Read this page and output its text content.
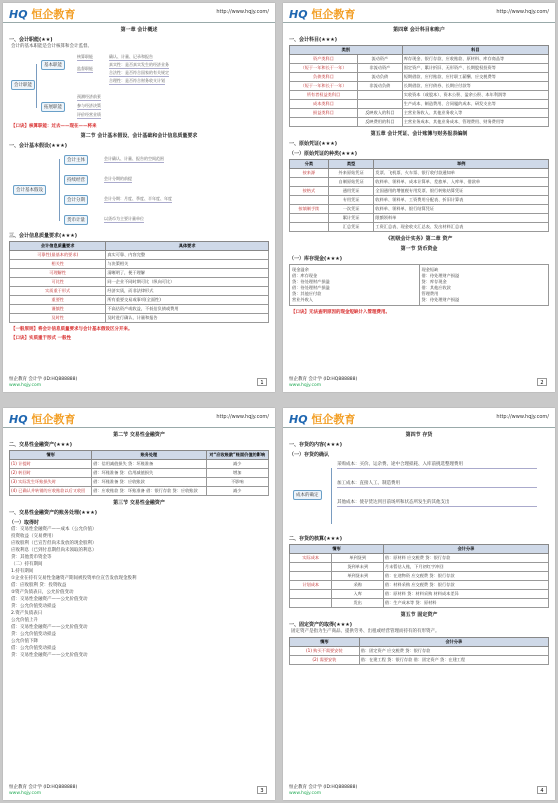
HQ 恒企教育	http://www.hqjy.com/
第一章 会计概述
一、会计职能(★★)
会计的基本职能是会计核算和会计监督。
会计职能
基本职能
拓展职能
核算职能	确认、计量、记录和报告
监督职能
真实性：是否真实发生的经济业务
合法性：是否符合国家的有关规定
合理性：是否符合财务收支计划
预测经济前景
参与经济决策
评价经营业绩
【口诀】核算职能：过去——现在——将来
第二节 会计基本假设、会计基础和会计信息质量要求
一、会计基本假设(★★★)
会计基本假设
会计主体	会计确认、计量、报告的空间范围
持续经营	会计分期的前提
会计分期	会计分期：月度、季度、半年度、年度
货币计量	以货币为主要计量单位
三、会计信息质量要求(★★★)
会计信息质量要求	具体要求
可靠性(最基本的要求)	真实可靠、内容完整
相关性	与决策相关
可理解性	清晰明了，便于理解
可比性	同一企业不同时期可比（纵向可比）
实质重于形式	经济实质，而非法律形式
重要性	所有重要交易或事项(全面性)
谨慎性	不高估资产或收益，不低估负债或费用
及时性	及时进行确认、计量和报告
【一般原则】将会计信息质量要求与会计基本假设区分开来。
【口诀】实质重于形式 一般性
恒企教育 会计学 (ID:HQ888888)
www.hqjy.com	1
HQ 恒企教育	http://www.hqjy.com/
第四章 会计科目和账户
一、会计科目(★★★)
类别		科目
资产类科目	流动资产	库存现金、银行存款、应收账款、原材料、库存商品等
（短于一年和长于一年）	非流动资产	固定资产、累计折旧、无形资产、长期股权投资等
负债类科目	流动负债	短期借款、应付账款、应付职工薪酬、应交税费等
（短于一年和长于一年）	非流动负债	长期借款、应付债券、长期应付款等
所有者权益类科目		实收资本（或股本）、资本公积、盈余公积、本年利润等
成本类科目		生产成本、制造费用、合同履约成本、研发支出等
损益类科目	反映收入的科目	主营业务收入、其他业务收入等
	反映费用的科目	主营业务成本、其他业务成本、管理费用、财务费用等
第五章 会计凭证、会计账簿与财务报表编制
一、原始凭证(★★★)
（一）原始凭证的种类(★★★)
分类	类型	举例
按来源	外来原始凭证	发票、飞机票、火车票、银行收付款通知单
	自制原始凭证	收料单、领料单、成本计算单、差旅单、入库单、借款单
按格式	通用凭证	全国通用的增值税专用发票、银行转账结算凭证
	专用凭证	收料单、领料单、工资费用分配表、折旧计算表
按填制手续	一次凭证	收料单、领料单、银行结算凭证
	累计凭证	限额领料单
	汇总凭证	工资汇总表、现金收支汇总表、发出材料汇总表
《初级会计实务》第二章 资产
第一节 货币资金
（一）库存现金(★★★)
现金溢余
借：库存现金
贷：待处理财产损溢
借：待处理财产损溢
贷：其他应付款
营业外收入
现金短缺
借：待处理财产损溢
贷：库存现金
借：其他应收款
管理费用
贷：待处理财产损溢
【口诀】无法查明原因的现金短缺计入管理费用。
恒企教育 会计学 (ID:HQ888888)
www.hqjy.com	2
HQ 恒企教育	http://www.hqjy.com/
第二节 交易性金融资产
二、交易性金融资产(★★★)
情形	账务处理	对“应收账款”账面价值的影响
(1) 计提时	借：信用减值损失 贷：坏账准备	减少
(2) 转回时	借：坏账准备 贷：信用减值损失	增加
(3) 实际发生坏账损失时	借：坏账准备 贷：应收账款	不影响
(4) 已确认并转销的应收账款以后又收回	借：应收账款 贷：坏账准备 借：银行存款 贷：应收账款	减少
第三节 交易性金融资产
一、交易性金融资产的账务处理(★★★)
（一）取得时
借：交易性金融资产——成本（公允价值）
投资收益（交易费用）
应收股利（已宣告但尚未发放的现金股利）
应收利息（已到付息期但尚未领取的利息）
贷：其他货币资金等
（二）持有期间
1.持有期间
①企业在持有交易性金融资产期间被投资单位宣告发放现金股利
借：应收股利 贷：投资收益
②资产负债表日，公允价值变动
借：交易性金融资产——公允价值变动
贷：公允价值变动损益
2.资产负债表日
公允价值上升
借：交易性金融资产——公允价值变动
贷：公允价值变动损益
公允价值下降
借：公允价值变动损益
贷：交易性金融资产——公允价值变动
恒企教育 会计学 (ID:HQ888888)
www.hqjy.com	3
HQ 恒企教育	http://www.hqjy.com/
第四节 存货
一、存货的内容(★★★)
（一）存货的确认
成本的确定
采购成本：买价、运杂费、途中合理损耗、入库前挑选整理费用
加工成本：直接人工、制造费用
其他成本：使存货达到目前场所和状态所发生的其他支出
二、存货的核算(★★★)
情形		会计分录
实际成本	单到货到	借：原材料 应交税费 贷：银行存款
	货到单未到	月末暂估入账，下月初红字冲回
	单到货未到	借：在途物资 应交税费 贷：银行存款
计划成本	采购	借：材料采购 应交税费 贷：银行存款
	入库	借：原材料 贷：材料采购 材料成本差异
	发出	借：生产成本等 贷：原材料
第五节 固定资产
一、固定资产的取得(★★★)
固定资产是指为生产商品、提供劳务、出租或经营管理而持有的有形资产。
情形	会计分录
(1) 购买不需要安装	借：固定资产 应交税费 贷：银行存款
(2) 需要安装	借：在建工程 贷：银行存款 借：固定资产 贷：在建工程
恒企教育 会计学 (ID:HQ888888)
www.hqjy.com	4
